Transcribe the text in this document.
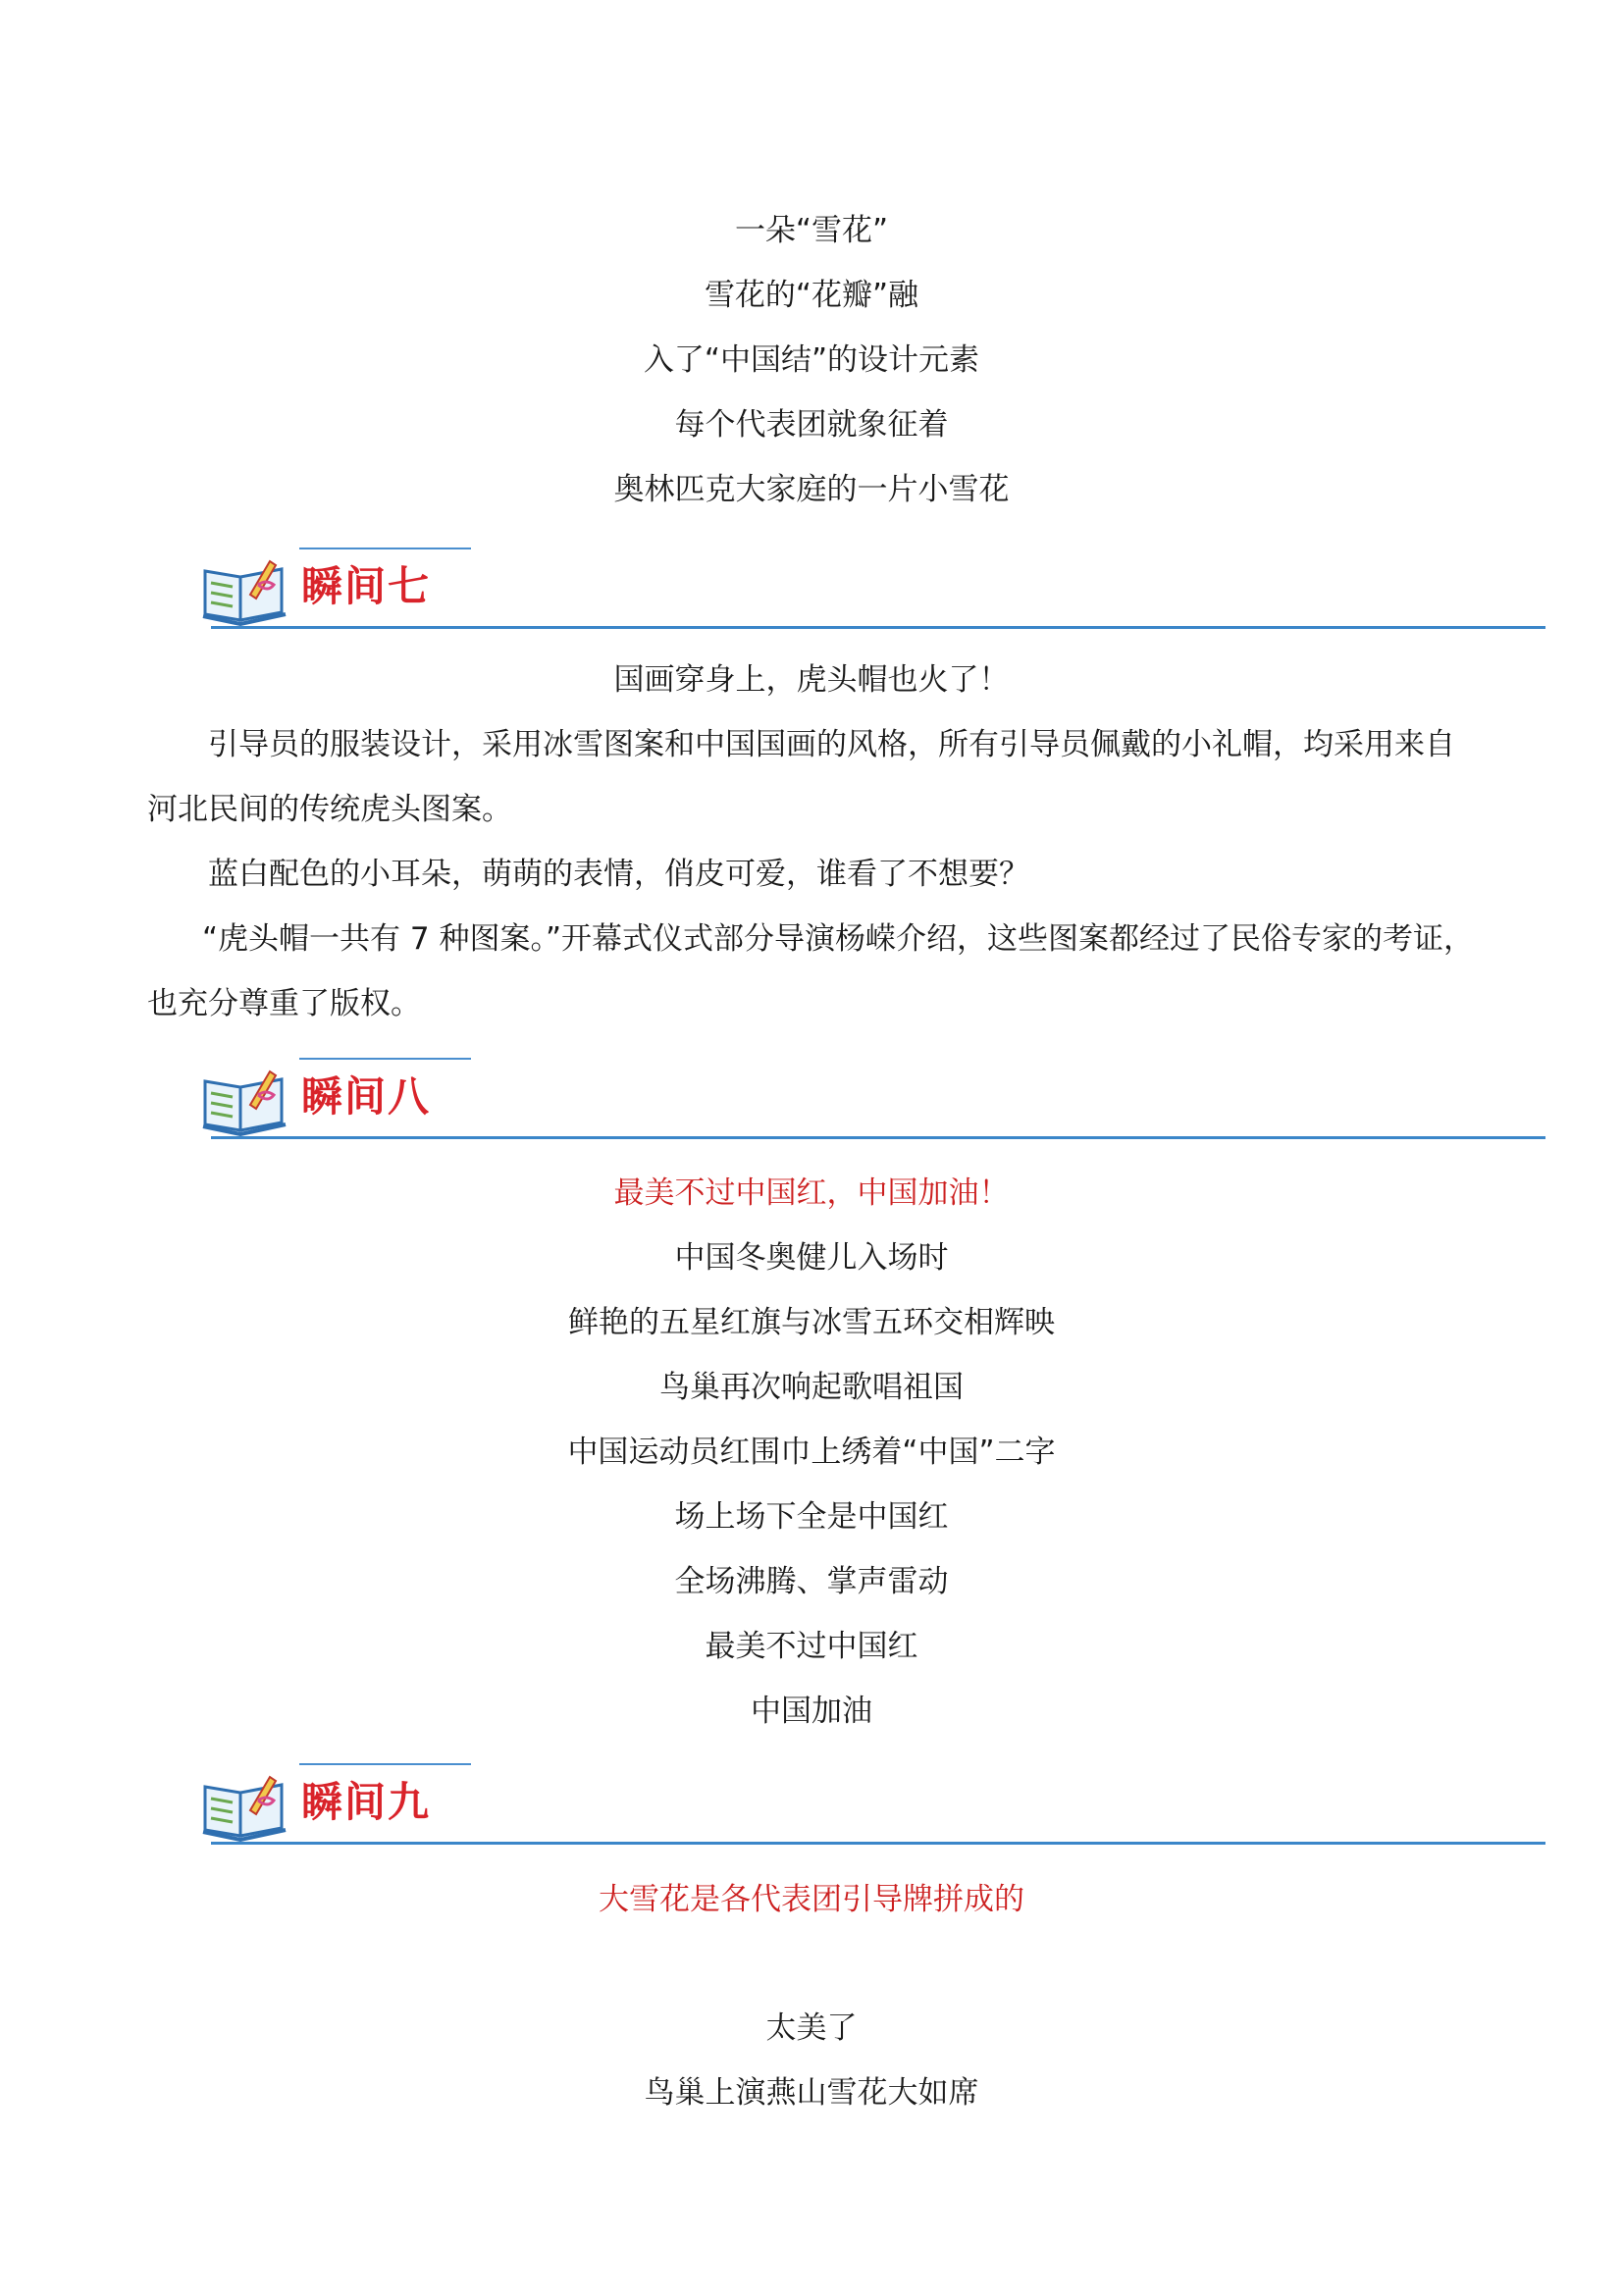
一朵“雪花”
雪花的“花瓣”融
入了“中国结”的设计元素
每个代表团就象征着
奥林匹克大家庭的一片小雪花
瞬间七
国画穿身上，虎头帽也火了！

引导员的服装设计，采用冰雪图案和中国国画的风格，所有引导员佩戴的小礼帽，均采用来自河北民间的传统虎头图案。

蓝白配色的小耳朵，萌萌的表情，俏皮可爱，谁看了不想要？

“虎头帽一共有 7 种图案。”开幕式仪式部分导演杨嵘介绍，这些图案都经过了民俗专家的考证，也充分尊重了版权。

瞬间八
最美不过中国红，中国加油！
中国冬奥健儿入场时
鲜艳的五星红旗与冰雪五环交相辉映
鸟巢再次响起歌唱祖国
中国运动员红围巾上绣着“中国”二字
场上场下全是中国红
全场沸腾、掌声雷动
最美不过中国红
中国加油
瞬间九
大雪花是各代表团引导牌拼成的
太美了
鸟巢上演燕山雪花大如席
